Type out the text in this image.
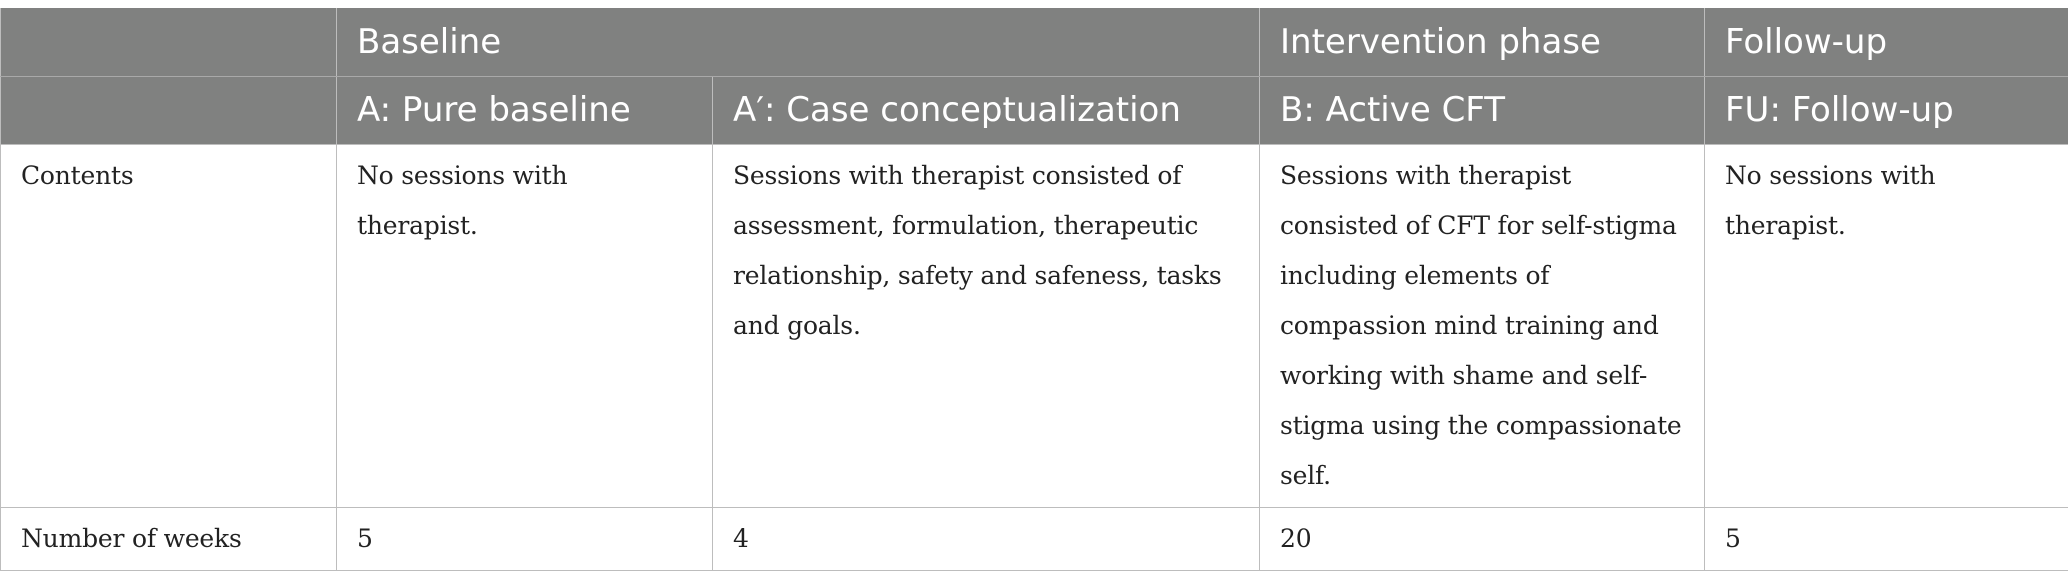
	Baseline		Intervention phase	Follow-up
	A: Pure baseline	A′: Case conceptualization	B: Active CFT	FU: Follow-up
Contents	No sessions with therapist.	Sessions with therapist consisted of assessment, formulation, therapeutic relationship, safety and safeness, tasks and goals.	Sessions with therapist consisted of CFT for self-stigma including elements of compassion mind training and working with shame and self-stigma using the compassionate self.	No sessions with therapist.
Number of weeks	5	4	20	5
